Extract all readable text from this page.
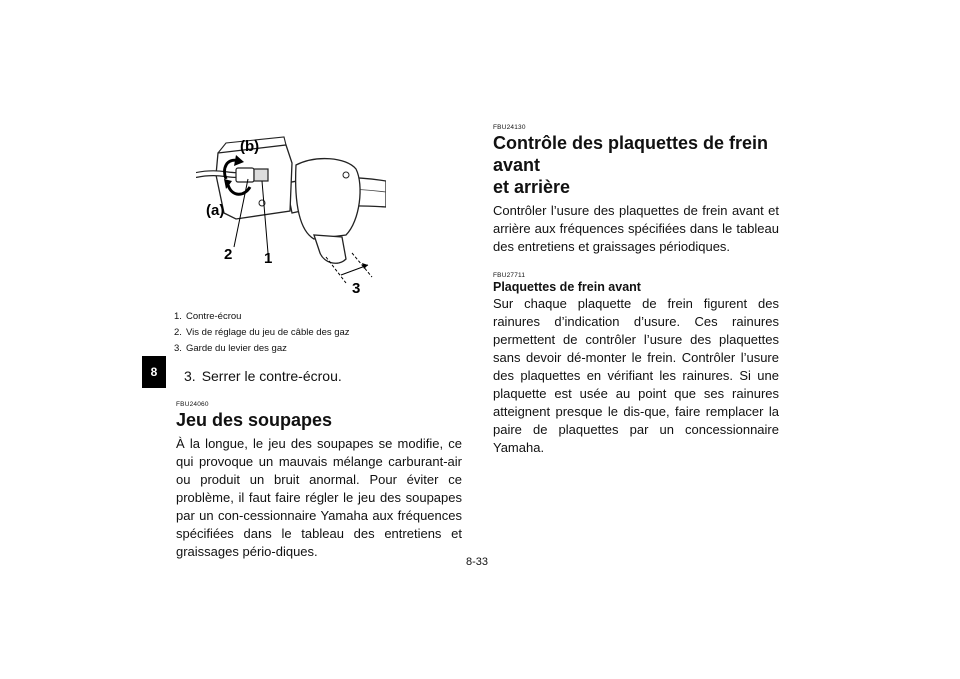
8
(b)
(a)
2 1
3
1. Contre-écrou
2. Vis de réglage du jeu de câble des gaz
3. Garde du levier des gaz
3. Serrer le contre-écrou.
FBU24060
Jeu des soupapes

À la longue, le jeu des soupapes se modifie, ce qui provoque un mauvais mélange carburant-air ou produit un bruit anormal. Pour éviter ce problème, il faut faire régler le jeu des soupapes par un con-cessionnaire Yamaha aux fréquences spécifiées dans le tableau des entretiens et graissages pério-diques.

FBU24130
Contrôle des plaquettes de frein avant
et arrière

Contrôler l’usure des plaquettes de frein avant et arrière aux fréquences spécifiées dans le tableau des entretiens et graissages périodiques.

FBU27711
Plaquettes de frein avant

Sur chaque plaquette de frein figurent des rainures d’indication d’usure. Ces rainures permettent de contrôler l’usure des plaquettes sans devoir dé-monter le frein. Contrôler l’usure des plaquettes en vérifiant les rainures. Si une plaquette est usée au point que ses rainures atteignent presque le dis-que, faire remplacer la paire de plaquettes par un concessionnaire Yamaha.

8-33
